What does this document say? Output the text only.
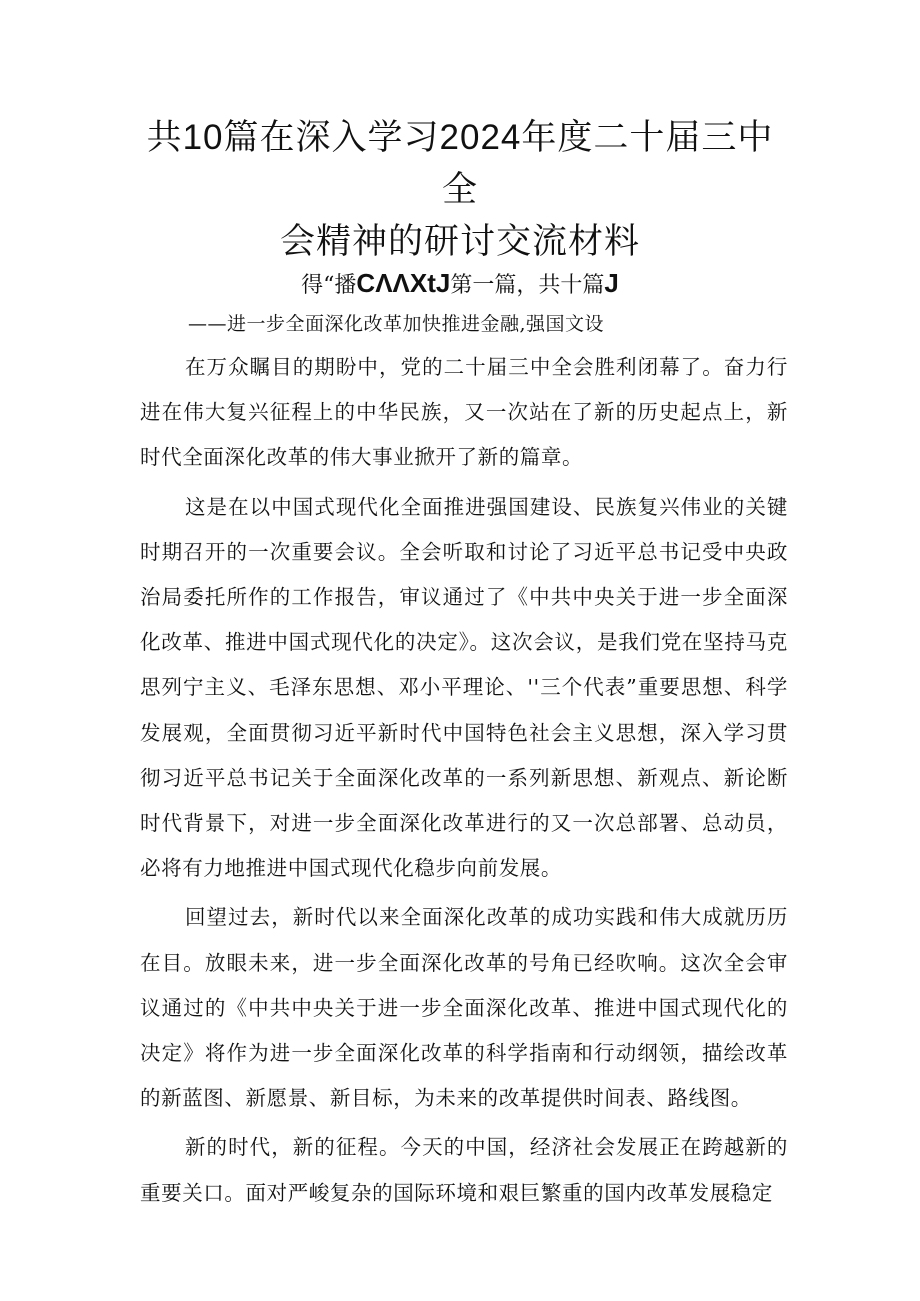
共10篇在深入学习2024年度二十届三中全
会精神的研讨交流材料
得“播CΛΛXtJ第一篇，共十篇J
——进一步全面深化改革加快推进金融,强国文设

在万众瞩目的期盼中，党的二十届三中全会胜利闭幕了。奋力行进在伟大复兴征程上的中华民族，又一次站在了新的历史起点上，新时代全面深化改革的伟大事业掀开了新的篇章。

这是在以中国式现代化全面推进强国建设、民族复兴伟业的关键时期召开的一次重要会议。全会听取和讨论了习近平总书记受中央政治局委托所作的工作报告，审议通过了《中共中央关于进一步全面深化改革、推进中国式现代化的决定》。这次会议，是我们党在坚持马克思列宁主义、毛泽东思想、邓小平理论、''三个代表”重要思想、科学发展观，全面贯彻习近平新时代中国特色社会主义思想，深入学习贯彻习近平总书记关于全面深化改革的一系列新思想、新观点、新论断时代背景下，对进一步全面深化改革进行的又一次总部署、总动员，必将有力地推进中国式现代化稳步向前发展。

回望过去，新时代以来全面深化改革的成功实践和伟大成就历历在目。放眼未来，进一步全面深化改革的号角已经吹响。这次全会审议通过的《中共中央关于进一步全面深化改革、推进中国式现代化的决定》将作为进一步全面深化改革的科学指南和行动纲领，描绘改革的新蓝图、新愿景、新目标，为未来的改革提供时间表、路线图。

新的时代，新的征程。今天的中国，经济社会发展正在跨越新的重要关口。面对严峻复杂的国际环境和艰巨繁重的国内改革发展稳定
